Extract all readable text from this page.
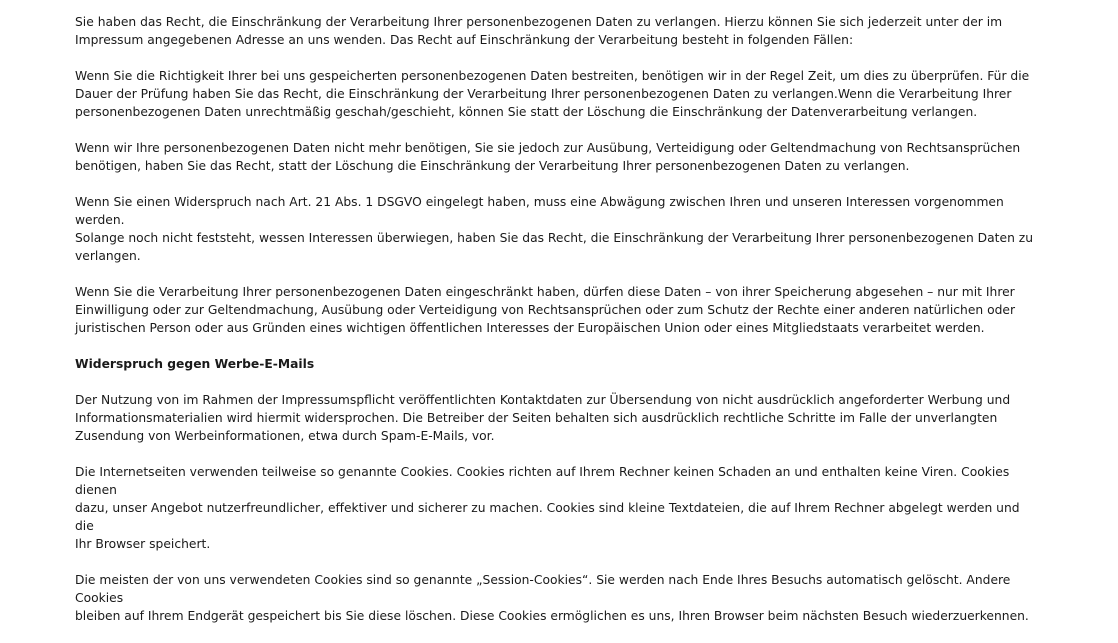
Sie haben das Recht, die Einschränkung der Verarbeitung Ihrer personenbezogenen Daten zu verlangen. Hierzu können Sie sich jederzeit unter der im
Impressum angegebenen Adresse an uns wenden. Das Recht auf Einschränkung der Verarbeitung besteht in folgenden Fällen:

Wenn Sie die Richtigkeit Ihrer bei uns gespeicherten personenbezogenen Daten bestreiten, benötigen wir in der Regel Zeit, um dies zu überprüfen. Für die
Dauer der Prüfung haben Sie das Recht, die Einschränkung der Verarbeitung Ihrer personenbezogenen Daten zu verlangen.Wenn die Verarbeitung Ihrer
personenbezogenen Daten unrechtmäßig geschah/geschieht, können Sie statt der Löschung die Einschränkung der Datenverarbeitung verlangen.

Wenn wir Ihre personenbezogenen Daten nicht mehr benötigen, Sie sie jedoch zur Ausübung, Verteidigung oder Geltendmachung von Rechtsansprüchen
benötigen, haben Sie das Recht, statt der Löschung die Einschränkung der Verarbeitung Ihrer personenbezogenen Daten zu verlangen.

Wenn Sie einen Widerspruch nach Art. 21 Abs. 1 DSGVO eingelegt haben, muss eine Abwägung zwischen Ihren und unseren Interessen vorgenommen werden.
Solange noch nicht feststeht, wessen Interessen überwiegen, haben Sie das Recht, die Einschränkung der Verarbeitung Ihrer personenbezogenen Daten zu
verlangen.

Wenn Sie die Verarbeitung Ihrer personenbezogenen Daten eingeschränkt haben, dürfen diese Daten – von ihrer Speicherung abgesehen – nur mit Ihrer
Einwilligung oder zur Geltendmachung, Ausübung oder Verteidigung von Rechtsansprüchen oder zum Schutz der Rechte einer anderen natürlichen oder
juristischen Person oder aus Gründen eines wichtigen öffentlichen Interesses der Europäischen Union oder eines Mitgliedstaats verarbeitet werden.

Widerspruch gegen Werbe-E-Mails

Der Nutzung von im Rahmen der Impressumspflicht veröffentlichten Kontaktdaten zur Übersendung von nicht ausdrücklich angeforderter Werbung und
Informationsmaterialien wird hiermit widersprochen. Die Betreiber der Seiten behalten sich ausdrücklich rechtliche Schritte im Falle der unverlangten
Zusendung von Werbeinformationen, etwa durch Spam-E-Mails, vor.

Die Internetseiten verwenden teilweise so genannte Cookies. Cookies richten auf Ihrem Rechner keinen Schaden an und enthalten keine Viren. Cookies dienen
dazu, unser Angebot nutzerfreundlicher, effektiver und sicherer zu machen. Cookies sind kleine Textdateien, die auf Ihrem Rechner abgelegt werden und die
Ihr Browser speichert.

Die meisten der von uns verwendeten Cookies sind so genannte „Session-Cookies“. Sie werden nach Ende Ihres Besuchs automatisch gelöscht. Andere Cookies
bleiben auf Ihrem Endgerät gespeichert bis Sie diese löschen. Diese Cookies ermöglichen es uns, Ihren Browser beim nächsten Besuch wiederzuerkennen.
